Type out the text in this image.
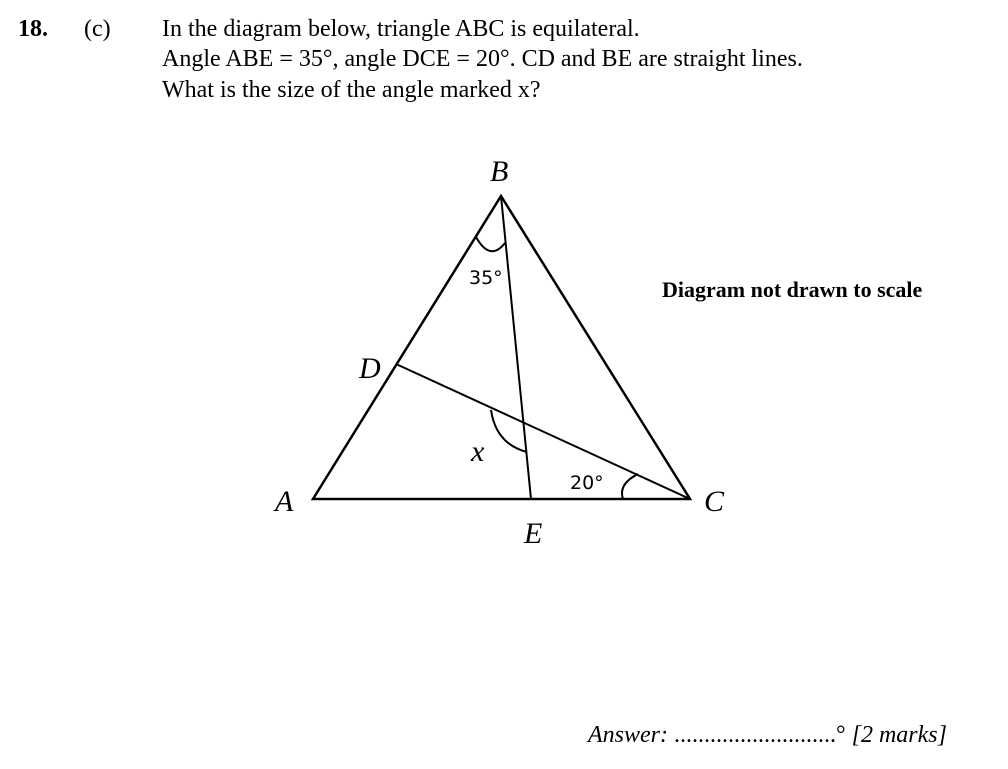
18. (c) In the diagram below, triangle ABC is equilateral.
Angle ABE = 35°, angle DCE = 20°. CD and BE are straight lines.
What is the size of the angle marked x?
B
A	C
D
E
x
35°
20°
Diagram not drawn to scale
Answer: ...........................° [2 marks]
